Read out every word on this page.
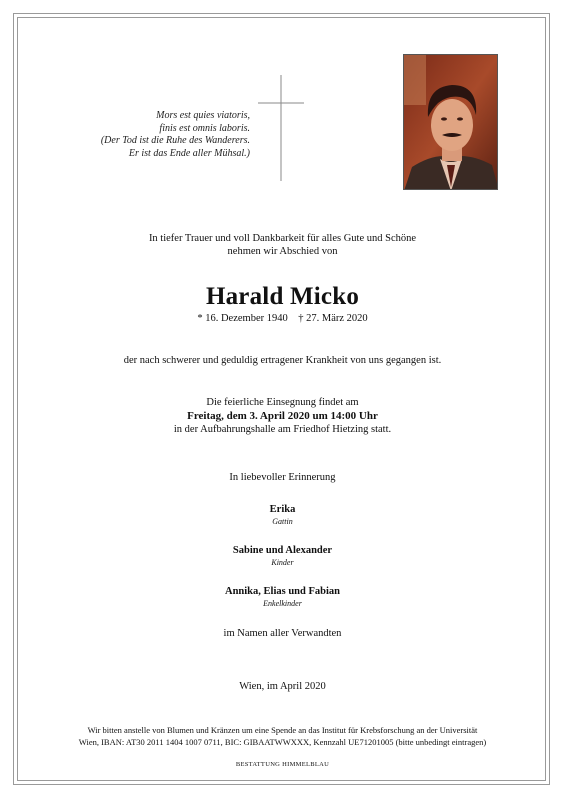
Mors est quies viatoris,
finis est omnis laboris.
(Der Tod ist die Ruhe des Wanderers.
Er ist das Ende aller Mühsal.)
In tiefer Trauer und voll Dankbarkeit für alles Gute und Schöne
nehmen wir Abschied von
Harald Micko
* 16. Dezember 1940    † 27. März 2020
der nach schwerer und geduldig ertragener Krankheit von uns gegangen ist.
Die feierliche Einsegnung findet am
Freitag, dem 3. April 2020 um 14:00 Uhr
in der Aufbahrungshalle am Friedhof Hietzing statt.
In liebevoller Erinnerung
Erika
Gattin
Sabine und Alexander
Kinder
Annika, Elias und Fabian
Enkelkinder
im Namen aller Verwandten
Wien, im April 2020
Wir bitten anstelle von Blumen und Kränzen um eine Spende an das Institut für Krebsforschung an der Universität
Wien, IBAN: AT30 2011 1404 1007 0711, BIC: GIBAATWWXXX, Kennzahl UE71201005 (bitte unbedingt eintragen)
BESTATTUNG HIMMELBLAU
